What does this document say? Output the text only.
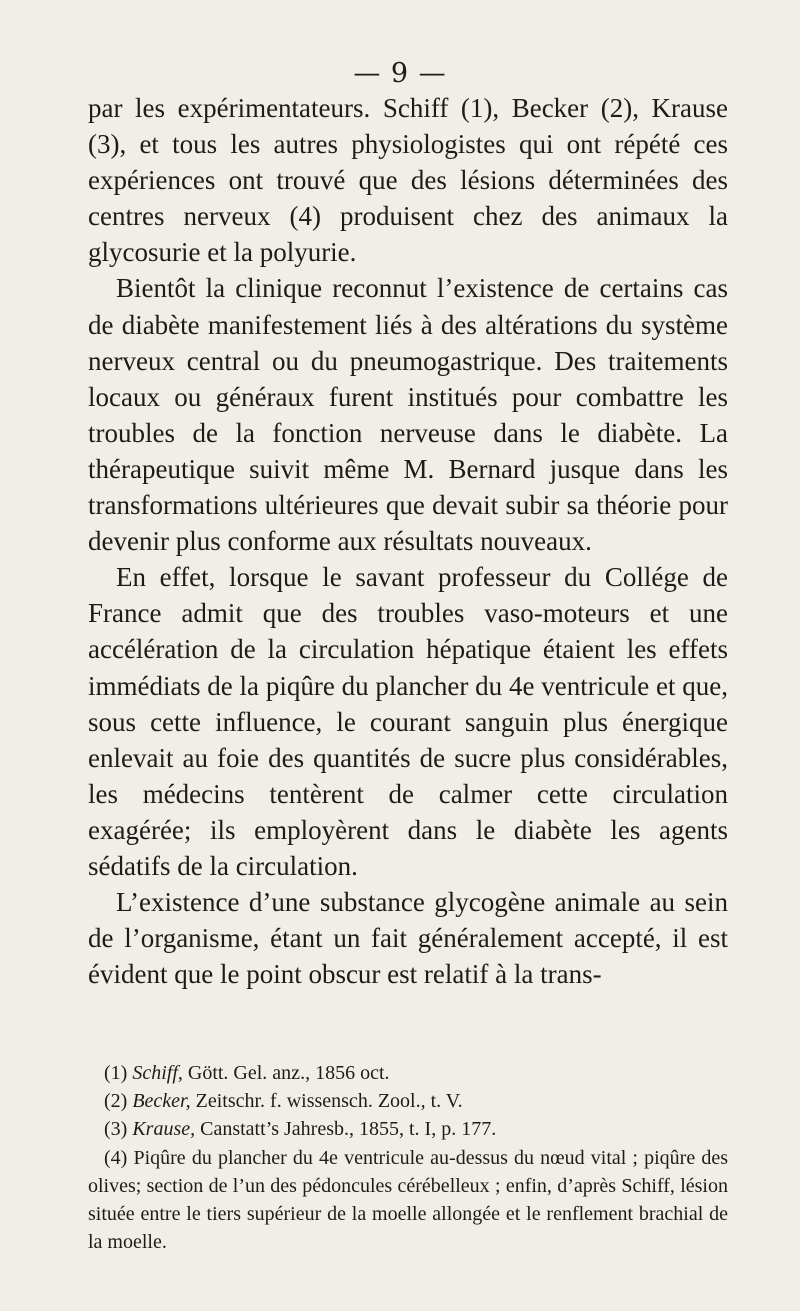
— 9 —

par les expérimentateurs. Schiff (1), Becker (2), Krause (3), et tous les autres physiologistes qui ont répété ces expériences ont trouvé que des lésions déterminées des centres nerveux (4) produisent chez des animaux la glycosurie et la polyurie.

Bientôt la clinique reconnut l’existence de certains cas de diabète manifestement liés à des altérations du système nerveux central ou du pneumogastrique. Des traitements locaux ou généraux furent institués pour combattre les troubles de la fonction nerveuse dans le diabète. La thérapeutique suivit même M. Bernard jusque dans les transformations ultérieures que devait subir sa théorie pour devenir plus conforme aux résultats nouveaux.

En effet, lorsque le savant professeur du Collége de France admit que des troubles vaso-moteurs et une accélération de la circulation hépatique étaient les effets immédiats de la piqûre du plancher du 4e ventricule et que, sous cette influence, le courant sanguin plus énergique enlevait au foie des quantités de sucre plus considérables, les médecins tentèrent de calmer cette circulation exagérée; ils employèrent dans le diabète les agents sédatifs de la circulation.

L’existence d’une substance glycogène animale au sein de l’organisme, étant un fait généralement accepté, il est évident que le point obscur est relatif à la trans-

(1) Schiff, Gött. Gel. anz., 1856 oct.
(2) Becker, Zeitschr. f. wissensch. Zool., t. V.
(3) Krause, Canstatt’s Jahresb., 1855, t. I, p. 177.
(4) Piqûre du plancher du 4e ventricule au-dessus du nœud vital ; piqûre des olives; section de l’un des pédoncules cérébelleux ; enfin, d’après Schiff, lésion située entre le tiers supérieur de la moelle allongée et le renflement brachial de la moelle.
